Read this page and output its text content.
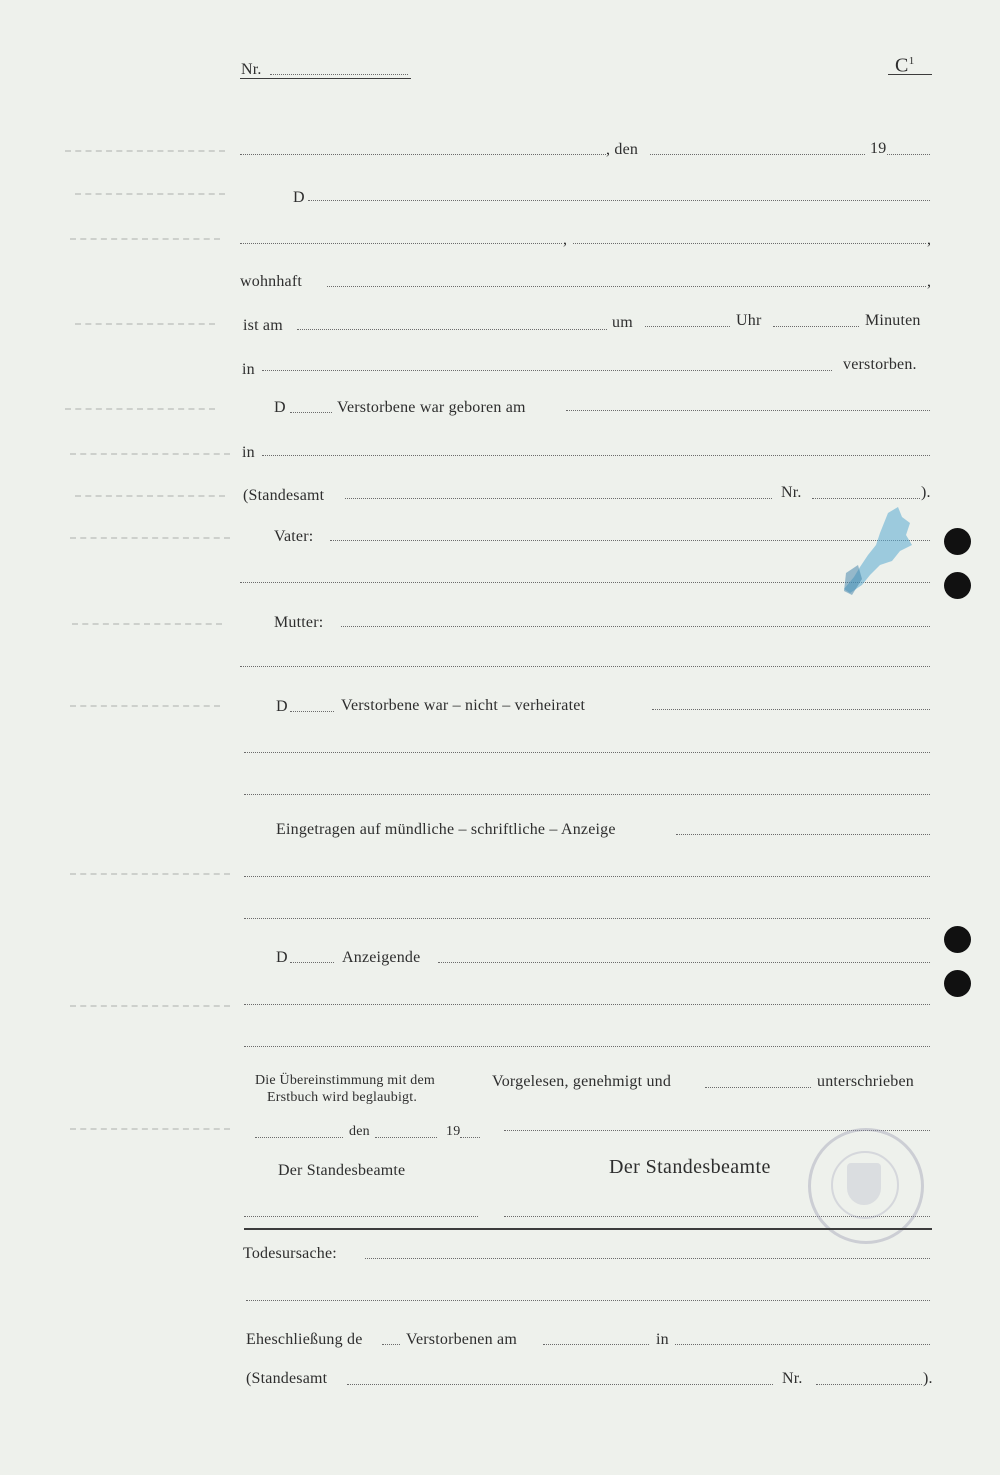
Nr.	$C^1$
, den	19
D
,	,
wohnhaft	,
ist am	um	Uhr	Minuten
in	verstorben.
D	Verstorbene war geboren am
in
(Standesamt	Nr.	).
Vater:
Mutter:
D	Verstorbene war – nicht – verheiratet
Eingetragen auf mündliche – schriftliche – Anzeige
D	Anzeigende
Die Übereinstimmung mit dem
Erstbuch wird beglaubigt.
den	19
Der Standesbeamte
Vorgelesen, genehmigt und	unterschrieben
Der Standesbeamte
Todesursache:
Eheschließung de	Verstorbenen am	in
(Standesamt	Nr.	).
